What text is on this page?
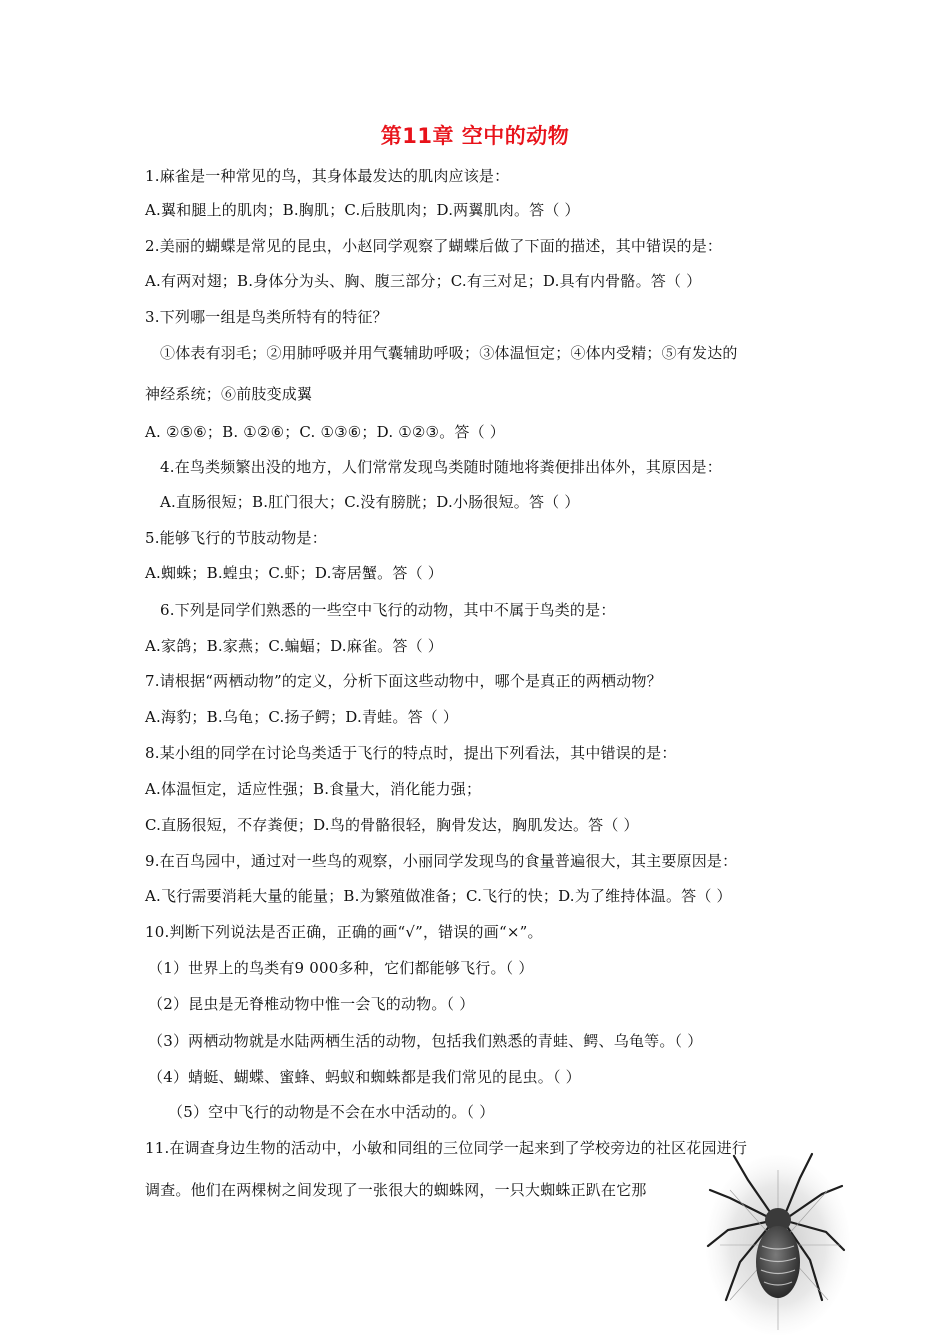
第11章 空中的动物
1.麻雀是一种常见的鸟，其身体最发达的肌肉应该是：
A.翼和腿上的肌肉；B.胸肌；C.后肢肌肉；D.两翼肌肉。答（ ）
2.美丽的蝴蝶是常见的昆虫，小赵同学观察了蝴蝶后做了下面的描述，其中错误的是：
A.有两对翅；B.身体分为头、胸、腹三部分；C.有三对足；D.具有内骨骼。答（ ）
3.下列哪一组是鸟类所特有的特征？
①体表有羽毛；②用肺呼吸并用气囊辅助呼吸；③体温恒定；④体内受精；⑤有发达的
神经系统；⑥前肢变成翼
A. ②⑤⑥；B. ①②⑥；C. ①③⑥；D. ①②③。答（ ）
4.在鸟类频繁出没的地方，人们常常发现鸟类随时随地将粪便排出体外，其原因是：
A.直肠很短；B.肛门很大；C.没有膀胱；D.小肠很短。答（ ）
5.能够飞行的节肢动物是：
A.蜘蛛；B.蝗虫；C.虾；D.寄居蟹。答（ ）
6.下列是同学们熟悉的一些空中飞行的动物，其中不属于鸟类的是：
A.家鸽；B.家燕；C.蝙蝠；D.麻雀。答（ ）
7.请根据“两栖动物”的定义，分析下面这些动物中，哪个是真正的两栖动物？
A.海豹；B.乌龟；C.扬子鳄；D.青蛙。答（ ）
8.某小组的同学在讨论鸟类适于飞行的特点时，提出下列看法，其中错误的是：
A.体温恒定，适应性强；B.食量大，消化能力强；
C.直肠很短，不存粪便；D.鸟的骨骼很轻，胸骨发达，胸肌发达。答（ ）
9.在百鸟园中，通过对一些鸟的观察，小丽同学发现鸟的食量普遍很大，其主要原因是：
A.飞行需要消耗大量的能量；B.为繁殖做准备；C.飞行的快；D.为了维持体温。答（ ）
10.判断下列说法是否正确，正确的画“√”，错误的画“×”。
（1）世界上的鸟类有9 000多种，它们都能够飞行。（ ）
（2）昆虫是无脊椎动物中惟一会飞的动物。（ ）
（3）两栖动物就是水陆两栖生活的动物，包括我们熟悉的青蛙、鳄、乌龟等。（ ）
（4）蜻蜓、蝴蝶、蜜蜂、蚂蚁和蜘蛛都是我们常见的昆虫。（ ）
（5）空中飞行的动物是不会在水中活动的。（ ）
11.在调查身边生物的活动中，小敏和同组的三位同学一起来到了学校旁边的社区花园进行
调查。他们在两棵树之间发现了一张很大的蜘蛛网，一只大蜘蛛正趴在它那
